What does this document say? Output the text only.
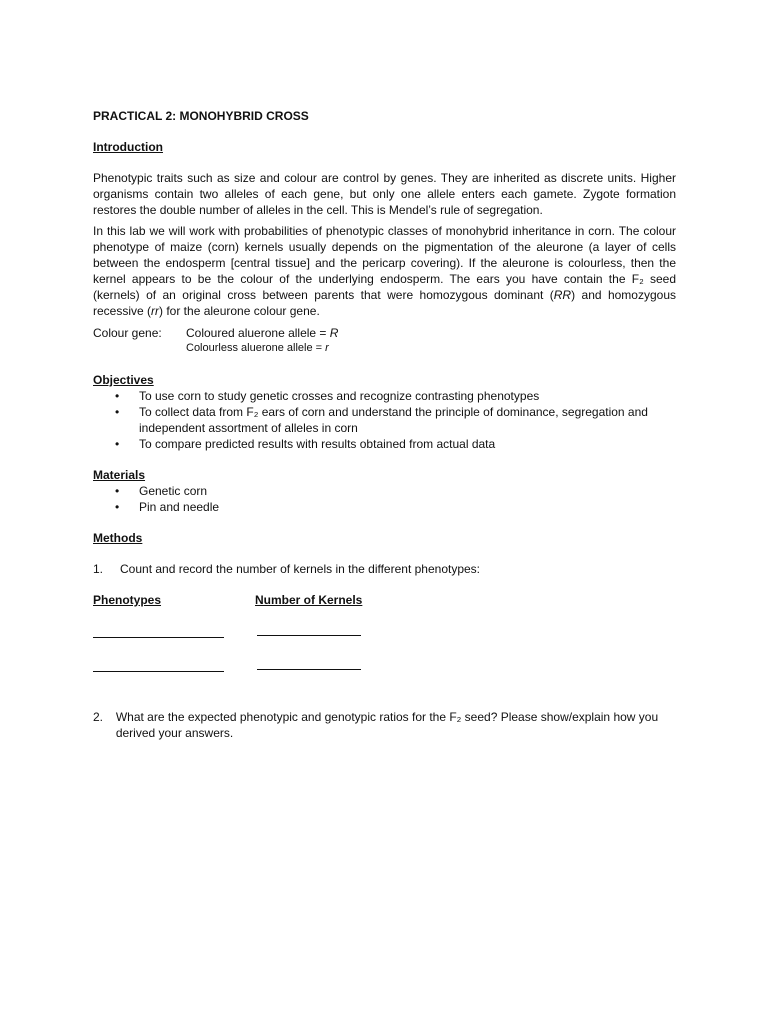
PRACTICAL 2: MONOHYBRID CROSS

Introduction

Phenotypic traits such as size and colour are control by genes. They are inherited as discrete units. Higher organisms contain two alleles of each gene, but only one allele enters each gamete. Zygote formation restores the double number of alleles in the cell. This is Mendel’s rule of segregation.

In this lab we will work with probabilities of phenotypic classes of monohybrid inheritance in corn. The colour phenotype of maize (corn) kernels usually depends on the pigmentation of the aleurone (a layer of cells between the endosperm [central tissue] and the pericarp covering). If the aleurone is colourless, then the kernel appears to be the colour of the underlying endosperm. The ears you have contain the F₂ seed (kernels) of an original cross between parents that were homozygous dominant (RR) and homozygous recessive (rr) for the aleurone colour gene.

Colour gene:	Coloured aluerone allele = R
Colourless aluerone allele = r

Objectives

• To use corn to study genetic crosses and recognize contrasting phenotypes
• To collect data from F₂ ears of corn and understand the principle of dominance, segregation and independent assortment of alleles in corn
• To compare predicted results with results obtained from actual data

Materials

• Genetic corn
• Pin and needle

Methods

1.	Count and record the number of kernels in the different phenotypes:
Phenotypes	Number of Kernels
2.	What are the expected phenotypic and genotypic ratios for the F₂ seed? Please show/explain how you derived your answers.
